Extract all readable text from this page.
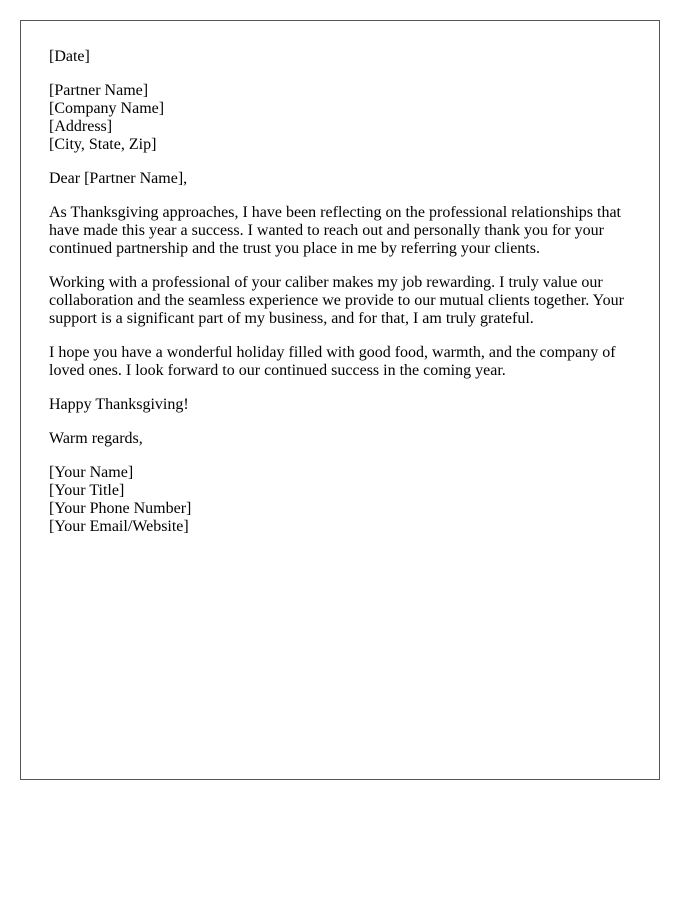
[Date]
[Partner Name]
[Company Name]
[Address]
[City, State, Zip]

Dear [Partner Name],

As Thanksgiving approaches, I have been reflecting on the professional relationships that
have made this year a success. I wanted to reach out and personally thank you for your
continued partnership and the trust you place in me by referring your clients.

Working with a professional of your caliber makes my job rewarding. I truly value our
collaboration and the seamless experience we provide to our mutual clients together. Your
support is a significant part of my business, and for that, I am truly grateful.

I hope you have a wonderful holiday filled with good food, warmth, and the company of
loved ones. I look forward to our continued success in the coming year.

Happy Thanksgiving!

Warm regards,

[Your Name]
[Your Title]
[Your Phone Number]
[Your Email/Website]
